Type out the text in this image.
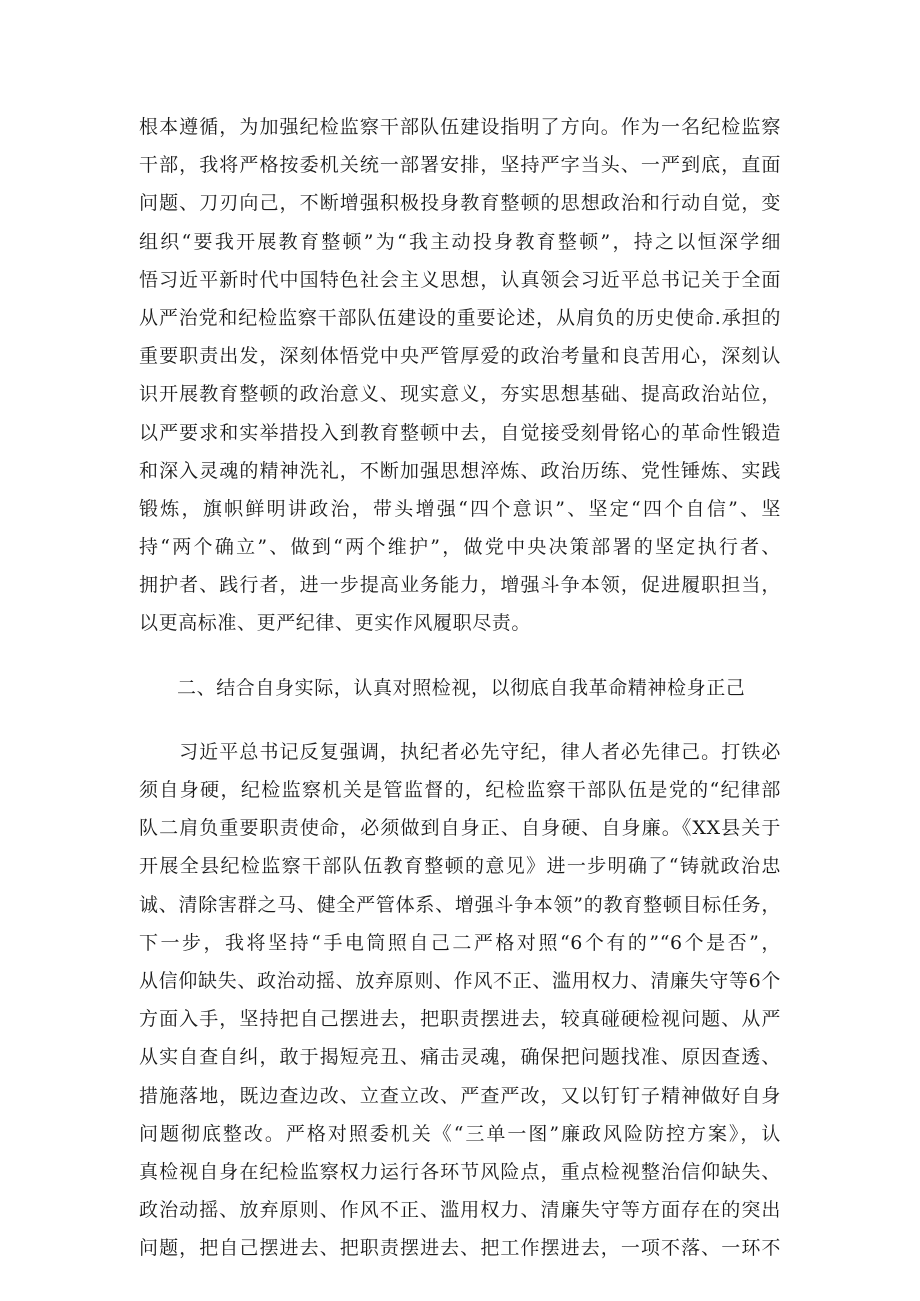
根本遵循，为加强纪检监察干部队伍建设指明了方向。作为一名纪检监察
干部，我将严格按委机关统一部署安排，坚持严字当头、一严到底，直面
问题、刀刃向己，不断增强积极投身教育整顿的思想政治和行动自觉，变
组织“要我开展教育整顿”为“我主动投身教育整顿”，持之以恒深学细
悟习近平新时代中国特色社会主义思想，认真领会习近平总书记关于全面
从严治党和纪检监察干部队伍建设的重要论述，从肩负的历史使命.承担的
重要职责出发，深刻体悟党中央严管厚爱的政治考量和良苦用心，深刻认
识开展教育整顿的政治意义、现实意义，夯实思想基础、提高政治站位，
以严要求和实举措投入到教育整顿中去，自觉接受刻骨铭心的革命性锻造
和深入灵魂的精神洗礼，不断加强思想淬炼、政治历练、党性锤炼、实践
锻炼，旗帜鲜明讲政治，带头增强“四个意识”、坚定“四个自信”、坚
持“两个确立”、做到“两个维护”，做党中央决策部署的坚定执行者、
拥护者、践行者，进一步提高业务能力，增强斗争本领，促进履职担当，
以更高标准、更严纪律、更实作风履职尽责。
二、结合自身实际，认真对照检视，以彻底自我革命精神检身正己
　　习近平总书记反复强调，执纪者必先守纪，律人者必先律己。打铁必
须自身硬，纪检监察机关是管监督的，纪检监察干部队伍是党的“纪律部
队二肩负重要职责使命，必须做到自身正、自身硬、自身廉。《XX县关于
开展全县纪检监察干部队伍教育整顿的意见》进一步明确了“铸就政治忠
诚、清除害群之马、健全严管体系、增强斗争本领”的教育整顿目标任务，
下一步，我将坚持“手电筒照自己二严格对照“6个有的”“6个是否”，
从信仰缺失、政治动摇、放弃原则、作风不正、滥用权力、清廉失守等6个
方面入手，坚持把自己摆进去，把职责摆进去，较真碰硬检视问题、从严
从实自查自纠，敢于揭短亮丑、痛击灵魂，确保把问题找准、原因查透、
措施落地，既边查边改、立查立改、严查严改，又以钉钉子精神做好自身
问题彻底整改。严格对照委机关《“三单一图”廉政风险防控方案》，认
真检视自身在纪检监察权力运行各环节风险点，重点检视整治信仰缺失、
政治动摇、放弃原则、作风不正、滥用权力、清廉失守等方面存在的突出
问题，把自己摆进去、把职责摆进去、把工作摆进去，一项不落、一环不
